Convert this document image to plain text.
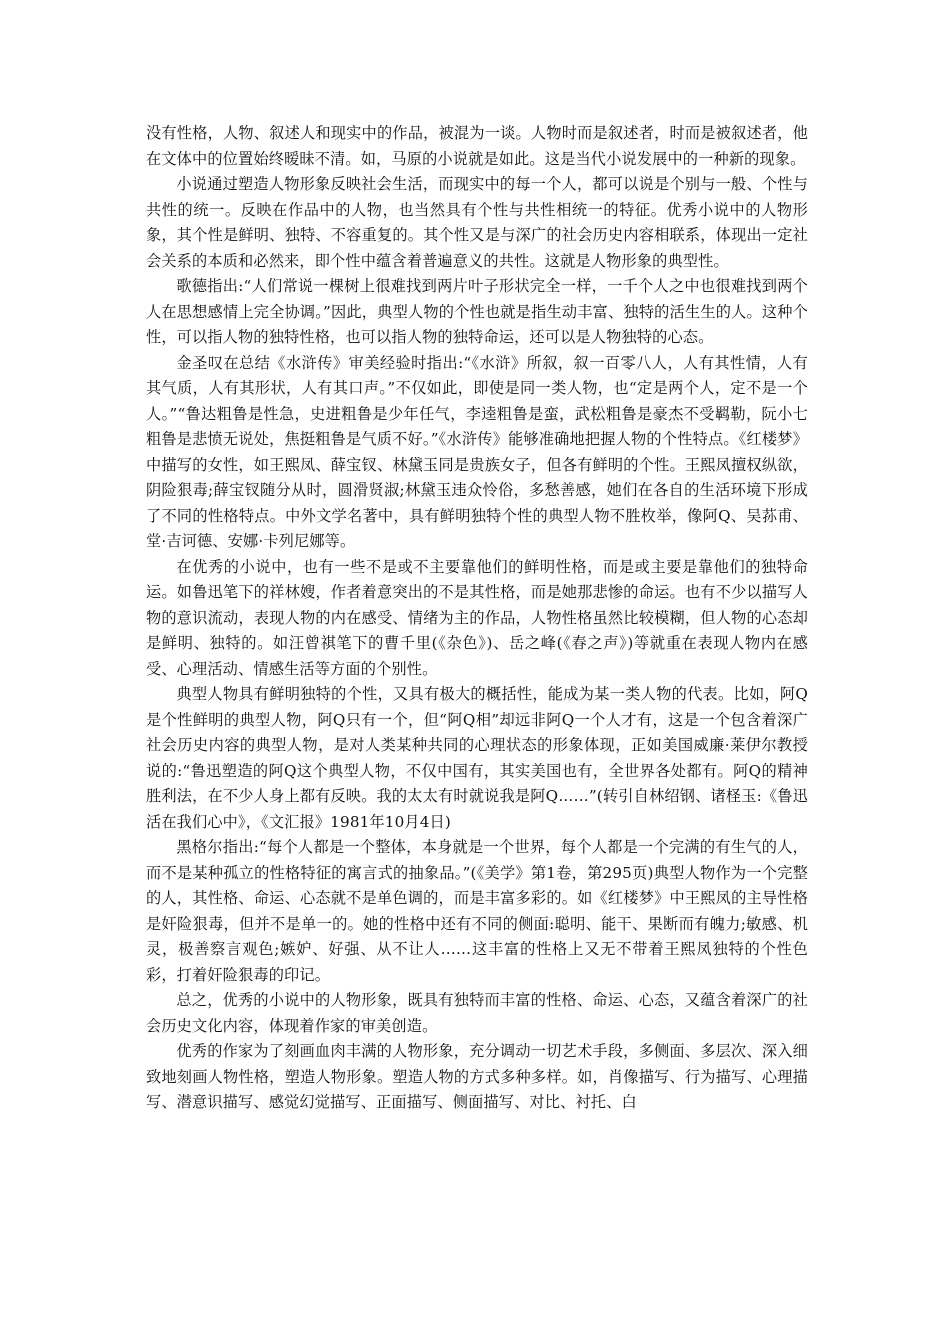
没有性格，人物、叙述人和现实中的作品，被混为一谈。人物时而是叙述者，时而是被叙述者，他在文体中的位置始终暧昧不清。如，马原的小说就是如此。这是当代小说发展中的一种新的现象。

小说通过塑造人物形象反映社会生活，而现实中的每一个人，都可以说是个别与一般、个性与共性的统一。反映在作品中的人物，也当然具有个性与共性相统一的特征。优秀小说中的人物形象，其个性是鲜明、独特、不容重复的。其个性又是与深广的社会历史内容相联系，体现出一定社会关系的本质和必然来，即个性中蕴含着普遍意义的共性。这就是人物形象的典型性。

歌德指出:“人们常说一棵树上很难找到两片叶子形状完全一样，一千个人之中也很难找到两个人在思想感情上完全协调。”因此，典型人物的个性也就是指生动丰富、独特的活生生的人。这种个性，可以指人物的独特性格，也可以指人物的独特命运，还可以是人物独特的心态。

金圣叹在总结《水浒传》审美经验时指出:“《水浒》所叙，叙一百零八人，人有其性情，人有其气质，人有其形状，人有其口声。”不仅如此，即使是同一类人物，也“定是两个人，定不是一个人。”“鲁达粗鲁是性急，史进粗鲁是少年任气，李逵粗鲁是蛮，武松粗鲁是豪杰不受羁勒，阮小七粗鲁是悲愤无说处，焦挺粗鲁是气质不好。”《水浒传》能够准确地把握人物的个性特点。《红楼梦》中描写的女性，如王熙凤、薛宝钗、林黛玉同是贵族女子，但各有鲜明的个性。王熙凤擅权纵欲，阴险狠毒;薛宝钗随分从时，圆滑贤淑;林黛玉违众怜俗，多愁善感，她们在各自的生活环境下形成了不同的性格特点。中外文学名著中，具有鲜明独特个性的典型人物不胜枚举，像阿Q、吴荪甫、堂·吉诃德、安娜·卡列尼娜等。

在优秀的小说中，也有一些不是或不主要靠他们的鲜明性格，而是或主要是靠他们的独特命运。如鲁迅笔下的祥林嫂，作者着意突出的不是其性格，而是她那悲惨的命运。也有不少以描写人物的意识流动，表现人物的内在感受、情绪为主的作品，人物性格虽然比较模糊，但人物的心态却是鲜明、独特的。如汪曾祺笔下的曹千里(《杂色》)、岳之峰(《春之声》)等就重在表现人物内在感受、心理活动、情感生活等方面的个别性。

典型人物具有鲜明独特的个性，又具有极大的概括性，能成为某一类人物的代表。比如，阿Q是个性鲜明的典型人物，阿Q只有一个，但“阿Q相”却远非阿Q一个人才有，这是一个包含着深广社会历史内容的典型人物，是对人类某种共同的心理状态的形象体现，正如美国威廉·莱伊尔教授说的:“鲁迅塑造的阿Q这个典型人物，不仅中国有，其实美国也有，全世界各处都有。阿Q的精神胜利法，在不少人身上都有反映。我的太太有时就说我是阿Q……”(转引自林绍钢、诸柽玉:《鲁迅活在我们心中》，《文汇报》1981年10月4日)

黑格尔指出:“每个人都是一个整体，本身就是一个世界，每个人都是一个完满的有生气的人，而不是某种孤立的性格特征的寓言式的抽象品。”(《美学》第1卷，第295页)典型人物作为一个完整的人，其性格、命运、心态就不是单色调的，而是丰富多彩的。如《红楼梦》中王熙凤的主导性格是奸险狠毒，但并不是单一的。她的性格中还有不同的侧面:聪明、能干、果断而有魄力;敏感、机灵，极善察言观色;嫉妒、好强、从不让人……这丰富的性格上又无不带着王熙凤独特的个性色彩，打着奸险狠毒的印记。

总之，优秀的小说中的人物形象，既具有独特而丰富的性格、命运、心态，又蕴含着深广的社会历史文化内容，体现着作家的审美创造。

优秀的作家为了刻画血肉丰满的人物形象，充分调动一切艺术手段，多侧面、多层次、深入细致地刻画人物性格，塑造人物形象。塑造人物的方式多种多样。如，肖像描写、行为描写、心理描写、潜意识描写、感觉幻觉描写、正面描写、侧面描写、对比、衬托、白
